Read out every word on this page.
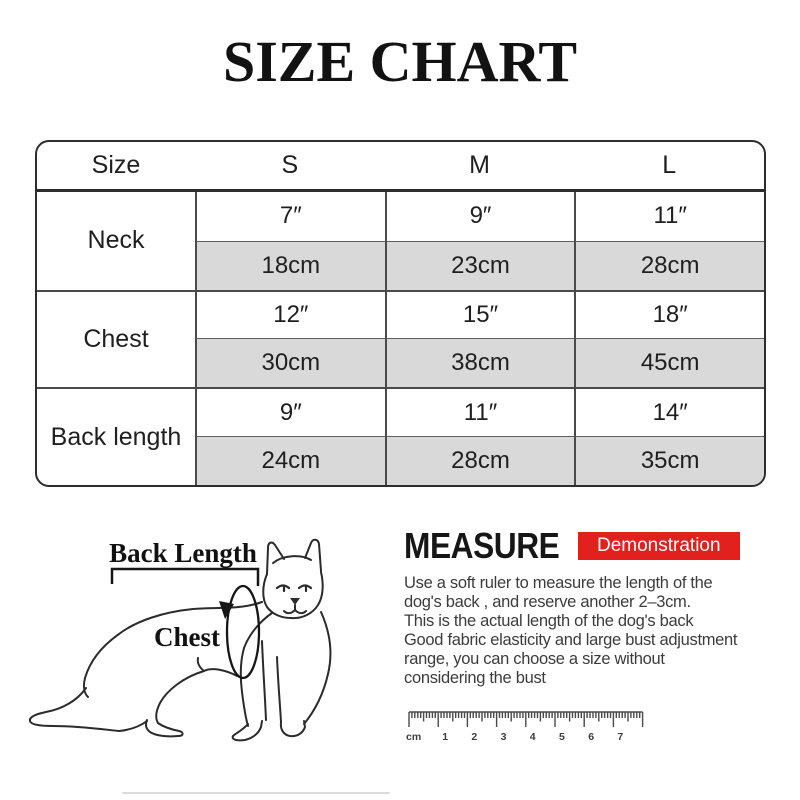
SIZE CHART
Size	S	M	L
Neck
7″	9″	11″
18cm	23cm	28cm
Chest
12″	15″	18″
30cm	38cm	45cm
Back length
9″	11″	14″
24cm	28cm	35cm
Back Length
Chest
MEASURE	Demonstration
Use a soft ruler to measure the length of the
dog's back , and reserve another 2–3cm.
This is the actual length of the dog's back
Good fabric elasticity and large bust adjustment
range, you can choose a size without
considering the bust
cm 1 2 3 4 5 6 7
